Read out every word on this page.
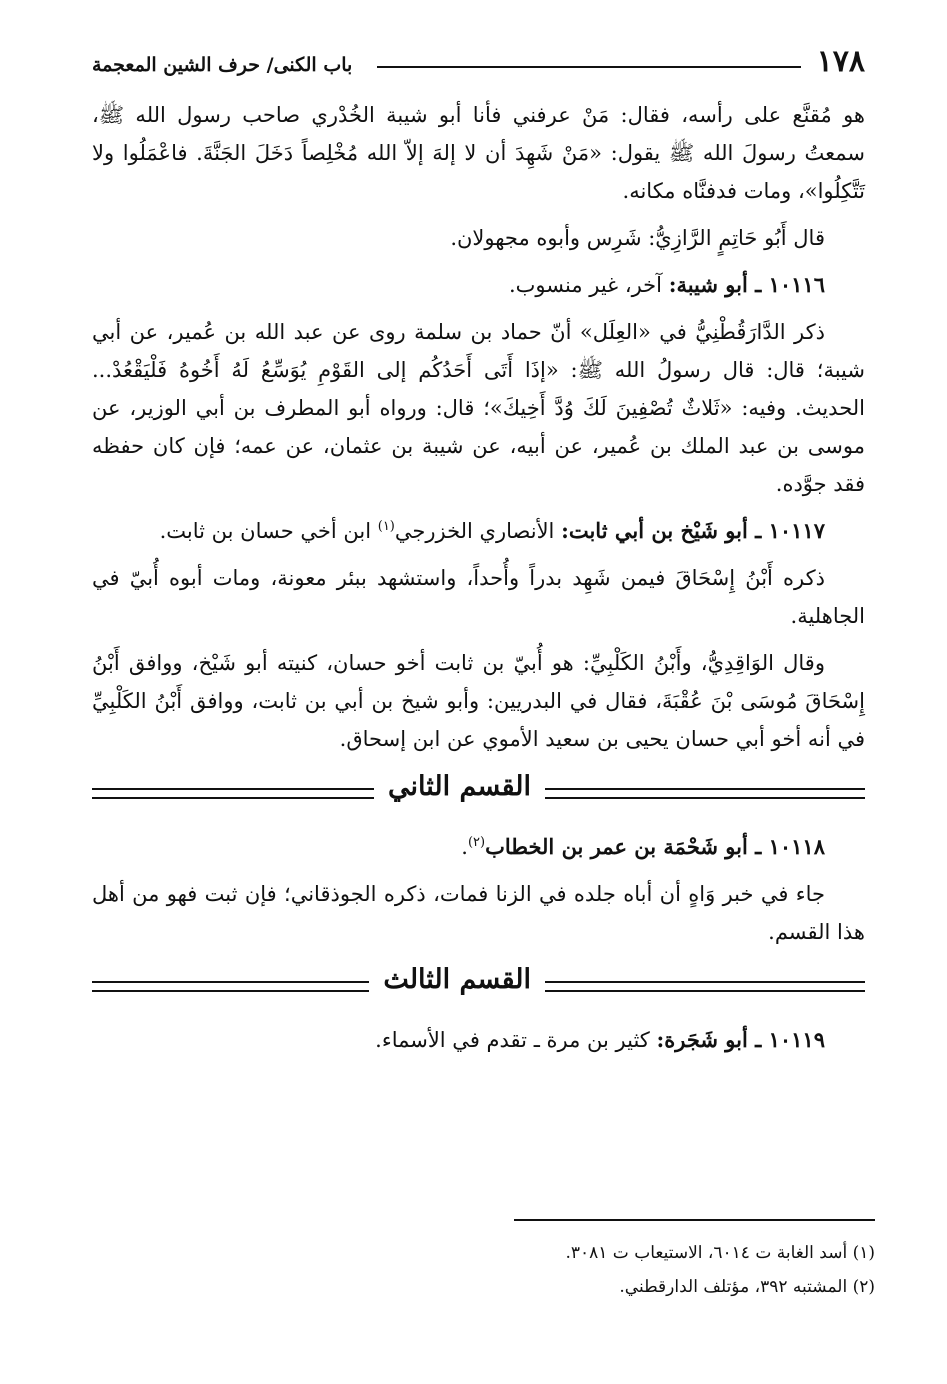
١٧٨
باب الكنى/ حرف الشين المعجمة

هو مُقنَّع على رأسه، فقال: مَنْ عرفني فأنا أبو شيبة الخُدْري صاحب رسول الله ﷺ، سمعتُ رسولَ الله ﷺ يقول: «مَنْ شَهِدَ أن لا إلهَ إلاّ الله مُخْلِصاً دَخَلَ الجَنَّةَ. فاعْمَلُوا ولا تَتَّكِلُوا»، ومات فدفنَّاه مكانه.

قال أَبُو حَاتِمٍ الرَّازِيُّ: شَرِس وأبوه مجهولان.

١٠١١٦ ـ أبو شيبة: آخر، غير منسوب.

ذكر الدَّارَقُطْنِيُّ في «العِلَل» أنّ حماد بن سلمة روى عن عبد الله بن عُمير، عن أبي شيبة؛ قال: قال رسولُ الله ﷺ: «إذَا أَتَى أَحَدُكُم إلى القَوْمِ يُوَسِّعُ لَهُ أَخُوهُ فَلْيَقْعُدْ... الحديث. وفيه: «ثَلاثٌ تُصْفِينَ لَكَ وُدَّ أَخِيكَ»؛ قال: ورواه أبو المطرف بن أبي الوزير، عن موسى بن عبد الملك بن عُمير، عن أبيه، عن شيبة بن عثمان، عن عمه؛ فإن كان حفظه فقد جوَّده.

١٠١١٧ ـ أبو شَيْخ بن أبي ثابت: الأنصاري الخزرجي$^{(١)}$ ابن أخي حسان بن ثابت.

ذكره أَبْنُ إِسْحَاقَ فيمن شَهِد بدراً وأُحداً، واستشهد ببئر معونة، ومات أبوه أُبيّ في الجاهلية.

وقال الوَاقِدِيُّ، وأَبْنُ الكَلْبِيِّ: هو أُبيّ بن ثابت أخو حسان، كنيته أبو شَيْخ، ووافق أَبْنُ إِسْحَاقَ مُوسَى بْنَ عُقْبَةَ، فقال في البدريين: وأبو شيخ بن أبي بن ثابت، ووافق أَبْنُ الكَلْبِيِّ في أنه أخو أبي حسان يحيى بن سعيد الأموي عن ابن إسحاق.

القسم الثاني

١٠١١٨ ـ أبو شَحْمَة بن عمر بن الخطاب$^{(٢)}$.

جاء في خبر وَاهٍ أن أباه جلده في الزنا فمات، ذكره الجوذقاني؛ فإن ثبت فهو من أهل هذا القسم.

القسم الثالث

١٠١١٩ ـ أبو شَجَرة: كثير بن مرة ـ تقدم في الأسماء.

(١) أسد الغابة ت ٦٠١٤، الاستيعاب ت ٣٠٨١.

(٢) المشتبه ٣٩٢، مؤتلف الدارقطني.
